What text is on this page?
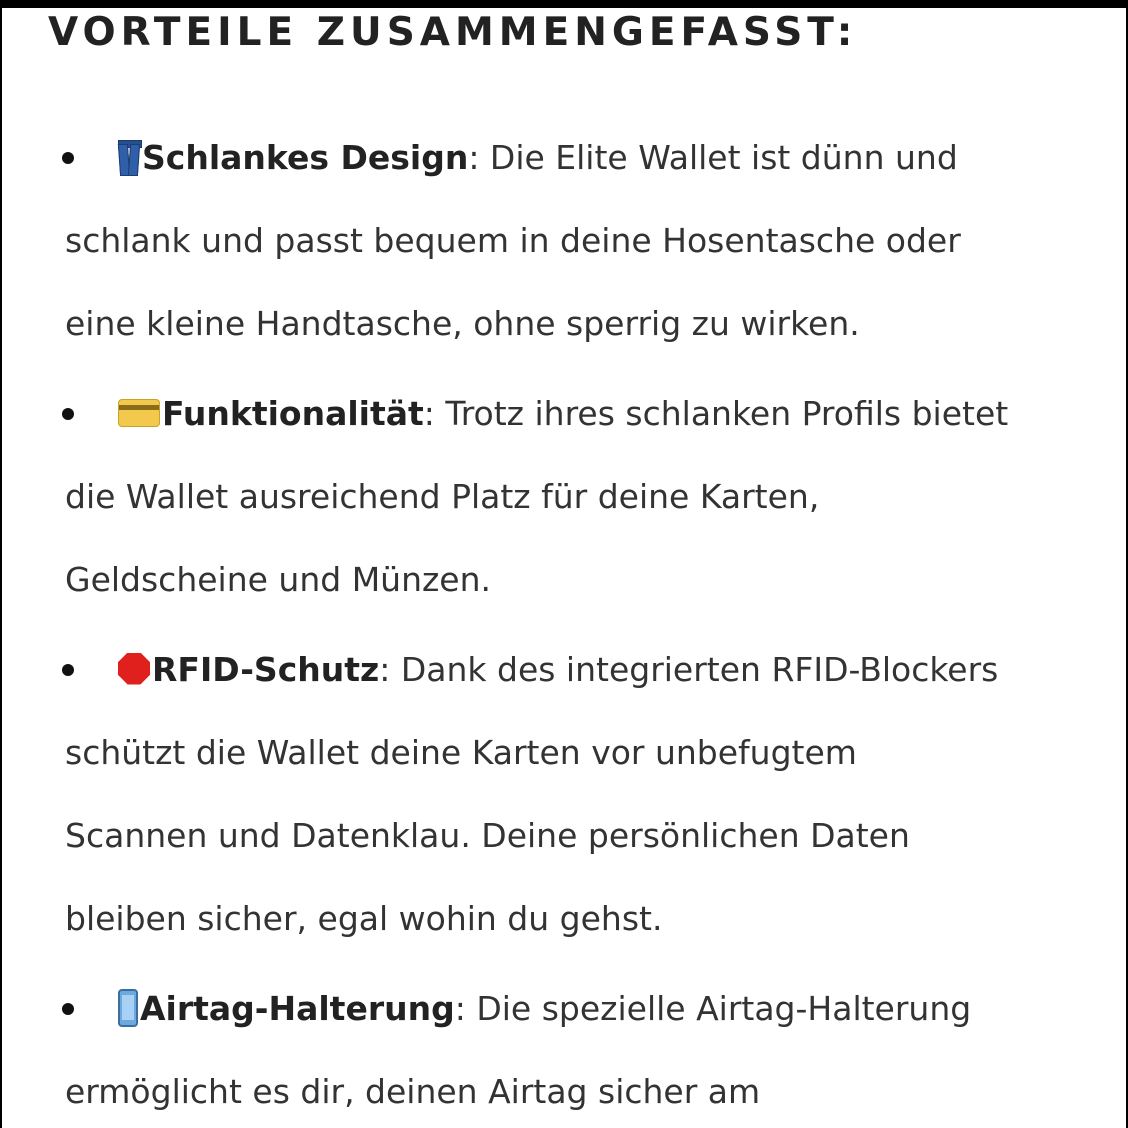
VORTEILE ZUSAMMENGEFASST:
Schlankes Design: Die Elite Wallet ist dünn und
schlank und passt bequem in deine Hosentasche oder
eine kleine Handtasche, ohne sperrig zu wirken.
Funktionalität: Trotz ihres schlanken Profils bietet
die Wallet ausreichend Platz für deine Karten,
Geldscheine und Münzen.
RFID-Schutz: Dank des integrierten RFID-Blockers
schützt die Wallet deine Karten vor unbefugtem
Scannen und Datenklau. Deine persönlichen Daten
bleiben sicher, egal wohin du gehst.
Airtag-Halterung: Die spezielle Airtag-Halterung
ermöglicht es dir, deinen Airtag sicher am
